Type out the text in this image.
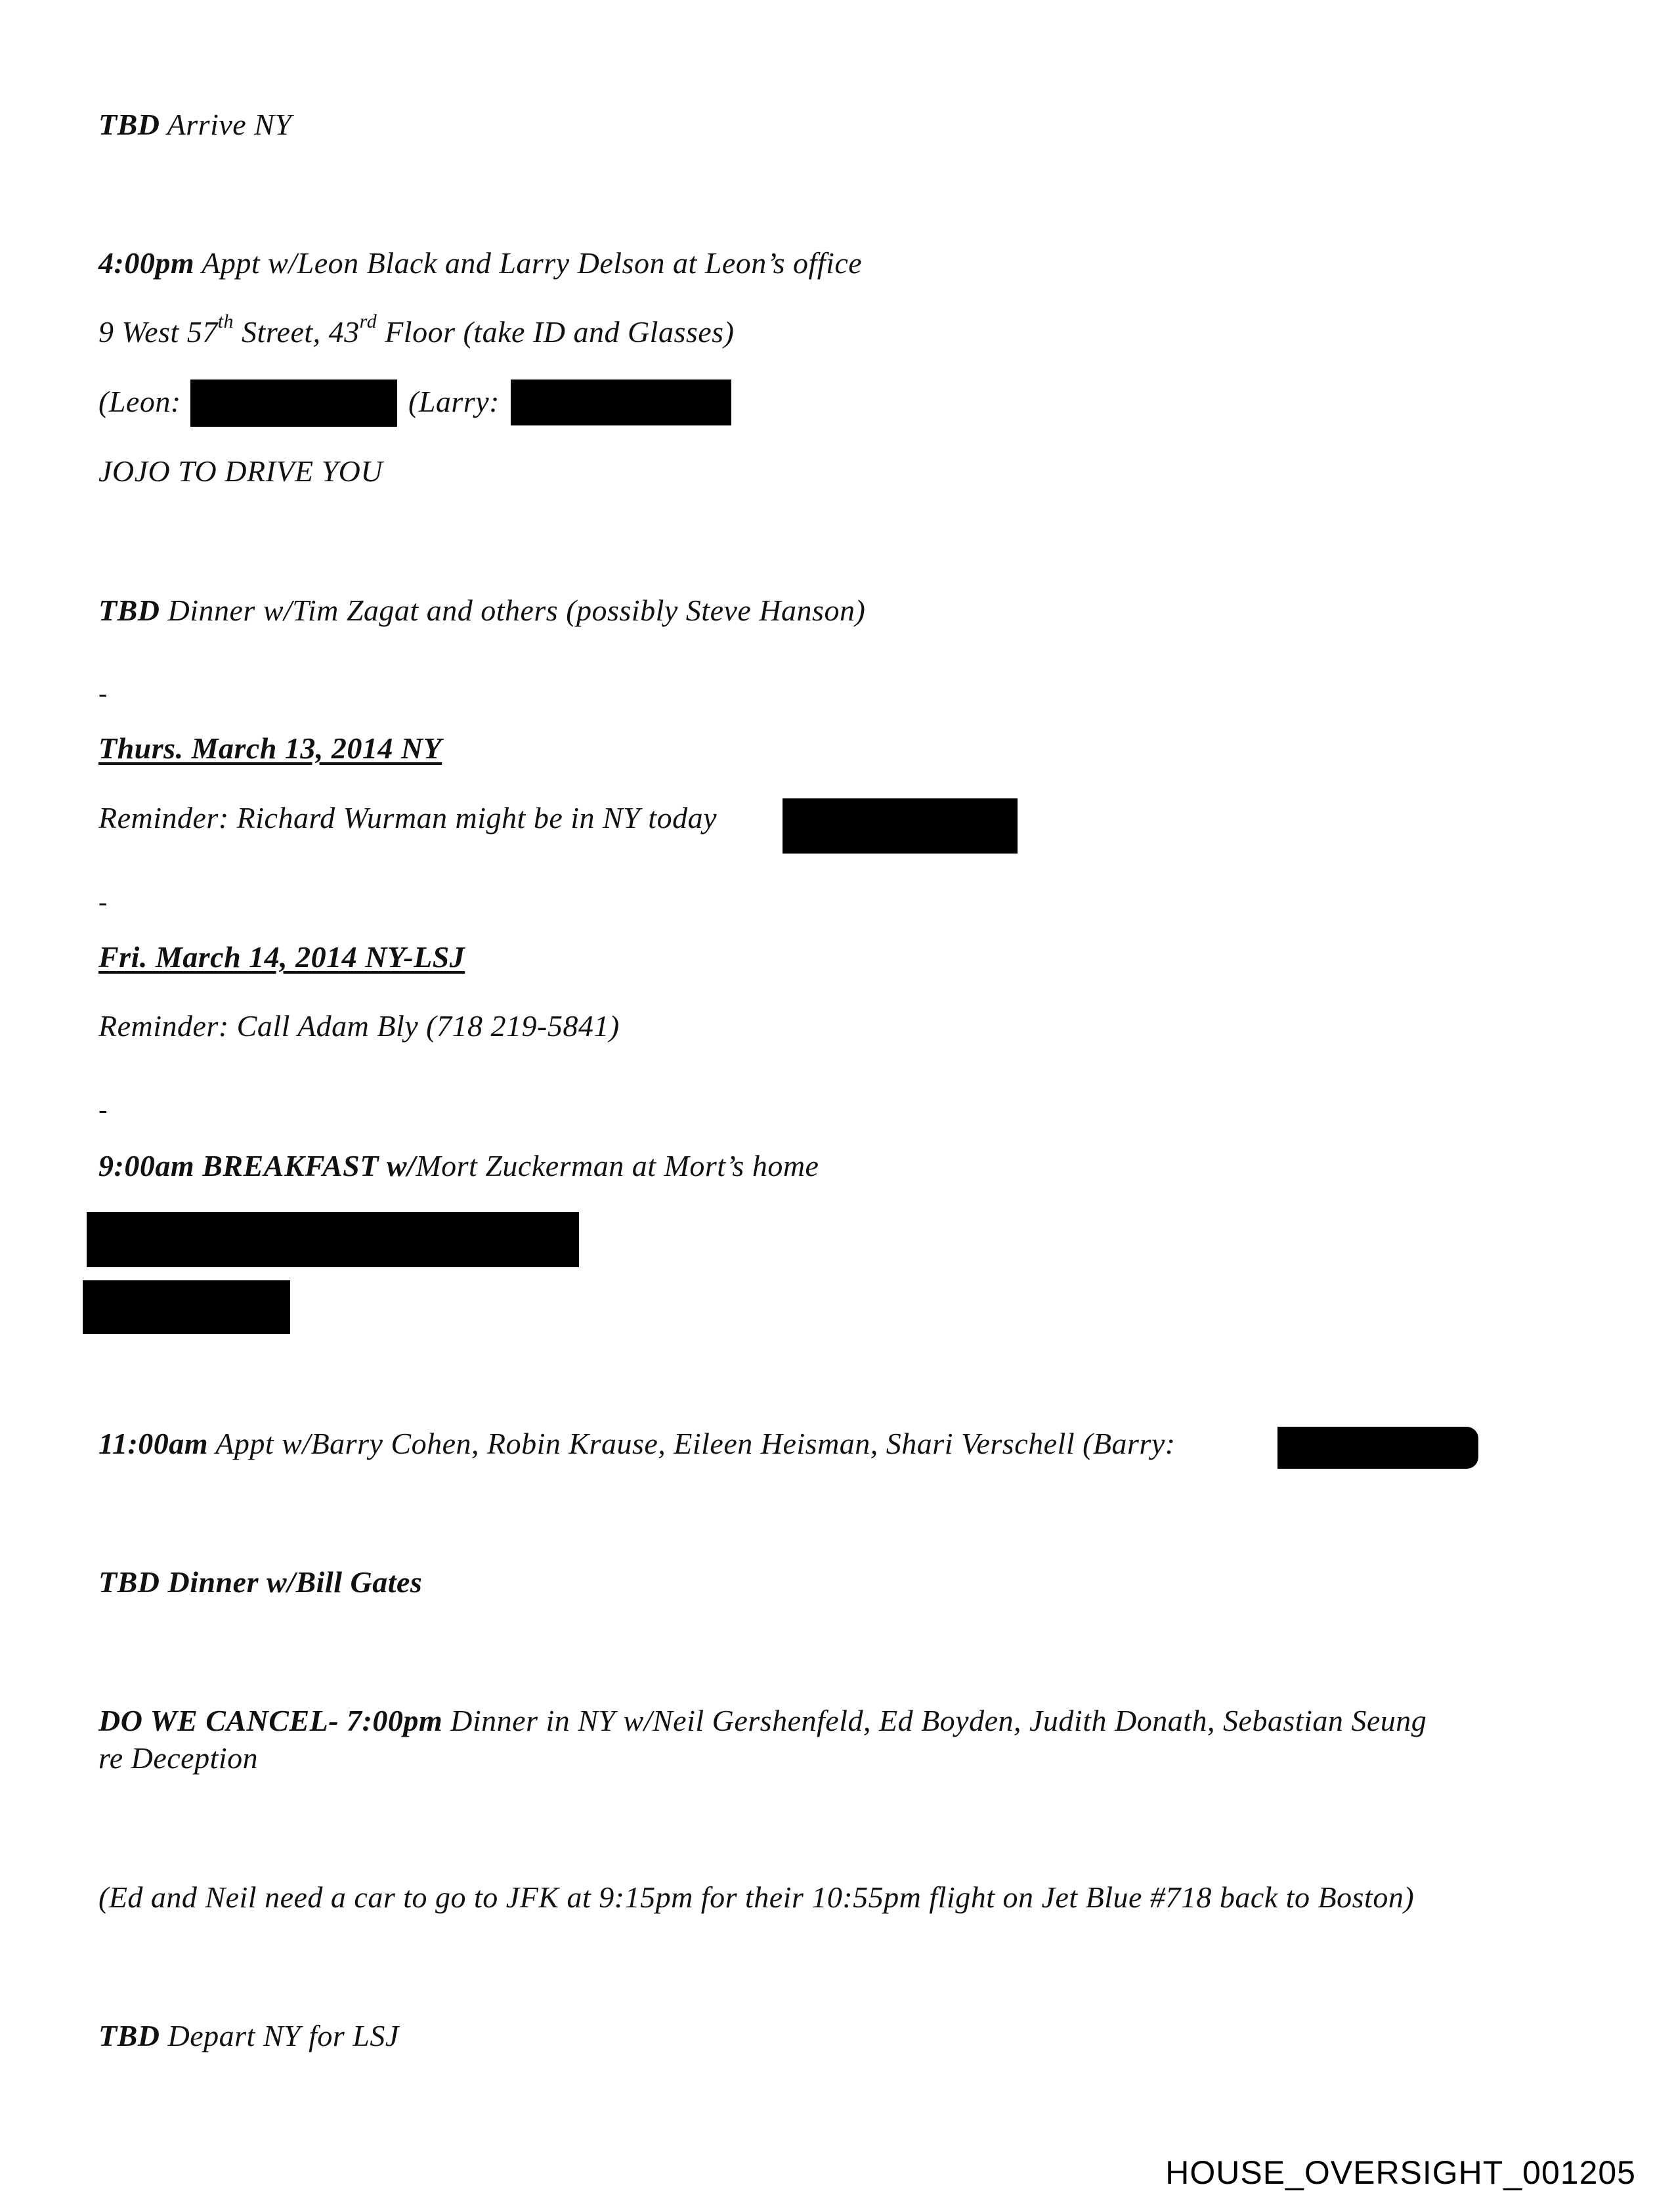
TBD Arrive NY
4:00pm Appt w/Leon Black and Larry Delson at Leon’s office
9 West 57th Street, 43rd Floor (take ID and Glasses)
(Leon:	(Larry:
JOJO TO DRIVE YOU
TBD Dinner w/Tim Zagat and others (possibly Steve Hanson)
-
Thurs. March 13, 2014 NY
Reminder: Richard Wurman might be in NY today
-
Fri. March 14, 2014 NY-LSJ
Reminder: Call Adam Bly (718 219-5841)
-
9:00am BREAKFAST w/Mort Zuckerman at Mort’s home
11:00am Appt w/Barry Cohen, Robin Krause, Eileen Heisman, Shari Verschell (Barry:
TBD Dinner w/Bill Gates
DO WE CANCEL- 7:00pm Dinner in NY w/Neil Gershenfeld, Ed Boyden, Judith Donath, Sebastian Seung
re Deception
(Ed and Neil need a car to go to JFK at 9:15pm for their 10:55pm flight on Jet Blue #718 back to Boston)
TBD Depart NY for LSJ
HOUSE_OVERSIGHT_001205
